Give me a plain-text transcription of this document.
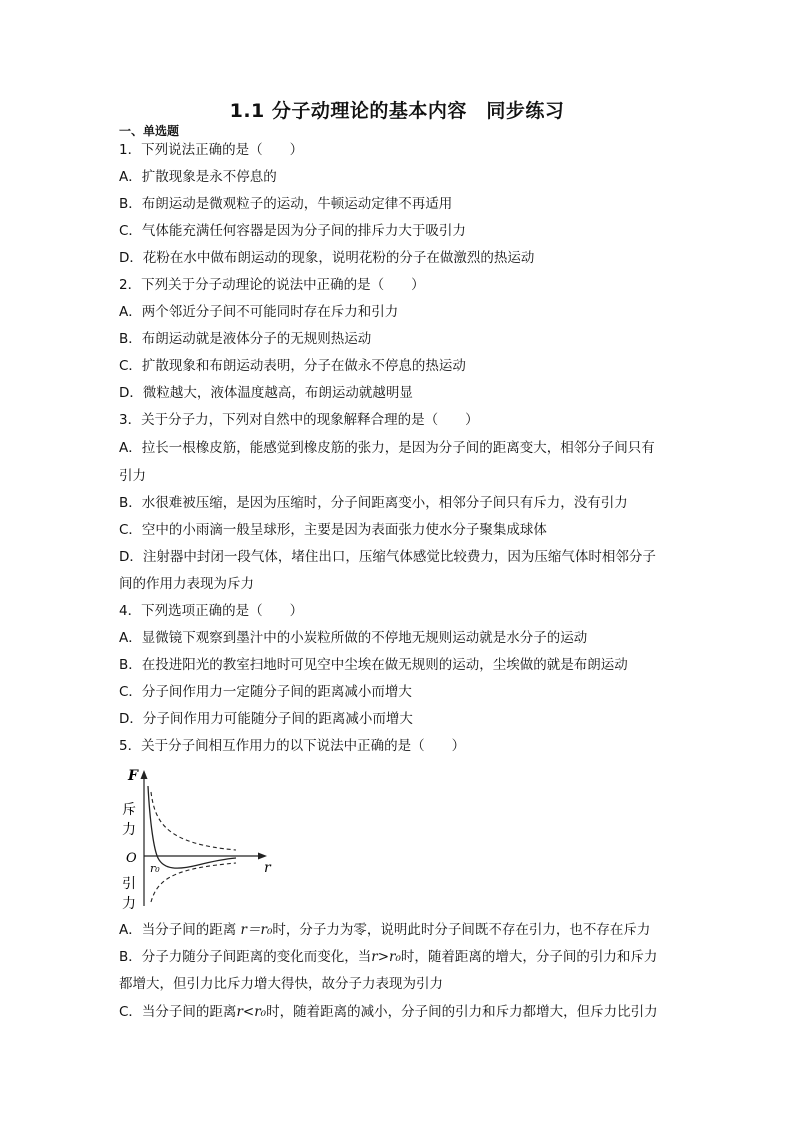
1.1 分子动理论的基本内容　同步练习
一、单选题
1．下列说法正确的是（　　）
A．扩散现象是永不停息的
B．布朗运动是微观粒子的运动，牛顿运动定律不再适用
C．气体能充满任何容器是因为分子间的排斥力大于吸引力
D．花粉在水中做布朗运动的现象，说明花粉的分子在做激烈的热运动
2．下列关于分子动理论的说法中正确的是（　　）
A．两个邻近分子间不可能同时存在斥力和引力
B．布朗运动就是液体分子的无规则热运动
C．扩散现象和布朗运动表明，分子在做永不停息的热运动
D．微粒越大，液体温度越高，布朗运动就越明显
3．关于分子力，下列对自然中的现象解释合理的是（　　）
A．拉长一根橡皮筋，能感觉到橡皮筋的张力，是因为分子间的距离变大，相邻分子间只有
引力
B．水很难被压缩，是因为压缩时，分子间距离变小，相邻分子间只有斥力，没有引力
C．空中的小雨滴一般呈球形，主要是因为表面张力使水分子聚集成球体
D．注射器中封闭一段气体，堵住出口，压缩气体感觉比较费力，因为压缩气体时相邻分子
间的作用力表现为斥力
4．下列选项正确的是（　　）
A．显微镜下观察到墨汁中的小炭粒所做的不停地无规则运动就是水分子的运动
B．在投进阳光的教室扫地时可见空中尘埃在做无规则的运动，尘埃做的就是布朗运动
C．分子间作用力一定随分子间的距离减小而增大
D．分子间作用力可能随分子间的距离减小而增大
5．关于分子间相互作用力的以下说法中正确的是（　　）
F
r
O
r₀
斥
力
引
力
A．当分子间的距离 r＝r₀时，分子力为零，说明此时分子间既不存在引力，也不存在斥力
B．分子力随分子间距离的变化而变化，当r>r₀时，随着距离的增大，分子间的引力和斥力
都增大，但引力比斥力增大得快，故分子力表现为引力
C．当分子间的距离r<r₀时，随着距离的减小，分子间的引力和斥力都增大，但斥力比引力
